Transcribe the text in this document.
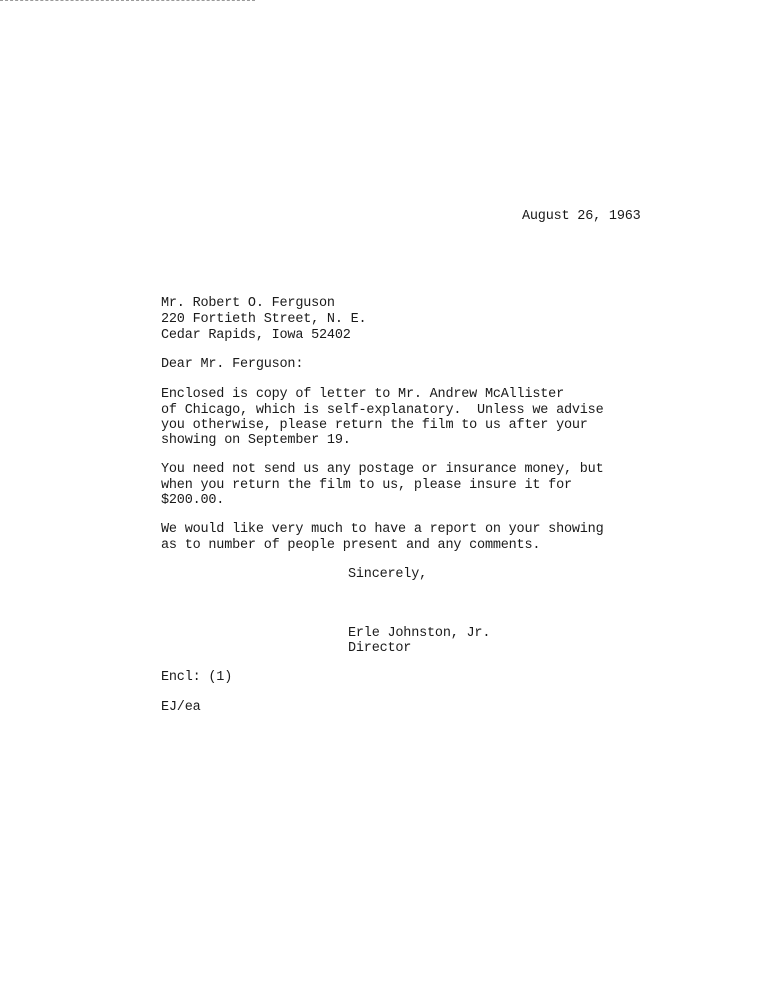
August 26, 1963
Mr. Robert O. Ferguson
220 Fortieth Street, N. E.
Cedar Rapids, Iowa 52402
Dear Mr. Ferguson:
Enclosed is copy of letter to Mr. Andrew McAllister
of Chicago, which is self-explanatory.  Unless we advise
you otherwise, please return the film to us after your
showing on September 19.
You need not send us any postage or insurance money, but
when you return the film to us, please insure it for
$200.00.
We would like very much to have a report on your showing
as to number of people present and any comments.
Sincerely,
Erle Johnston, Jr.
Director
Encl: (1)
EJ/ea
